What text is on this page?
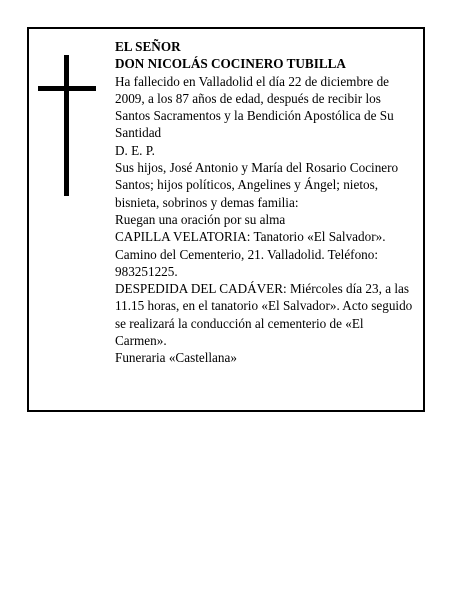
EL SEÑOR

DON NICOLÁS COCINERO TUBILLA

Ha fallecido en Valladolid el día 22 de diciembre de 2009, a los 87 años de edad, después de recibir los Santos Sacramentos y la Bendición Apostólica de Su Santidad

D. E. P.

Sus hijos, José Antonio y María del Rosario Cocinero Santos; hijos políticos, Angelines y Ángel; nietos, bisnieta, sobrinos y demas familia:

Ruegan una oración por su alma

CAPILLA VELATORIA: Tanatorio «El Salvador». Camino del Cementerio, 21. Valladolid. Teléfono: 983251225.

DESPEDIDA DEL CADÁVER: Miércoles día 23, a las 11.15 horas, en el tanatorio «El Salvador». Acto seguido se realizará la conducción al cementerio de «El Carmen».

Funeraria «Castellana»
